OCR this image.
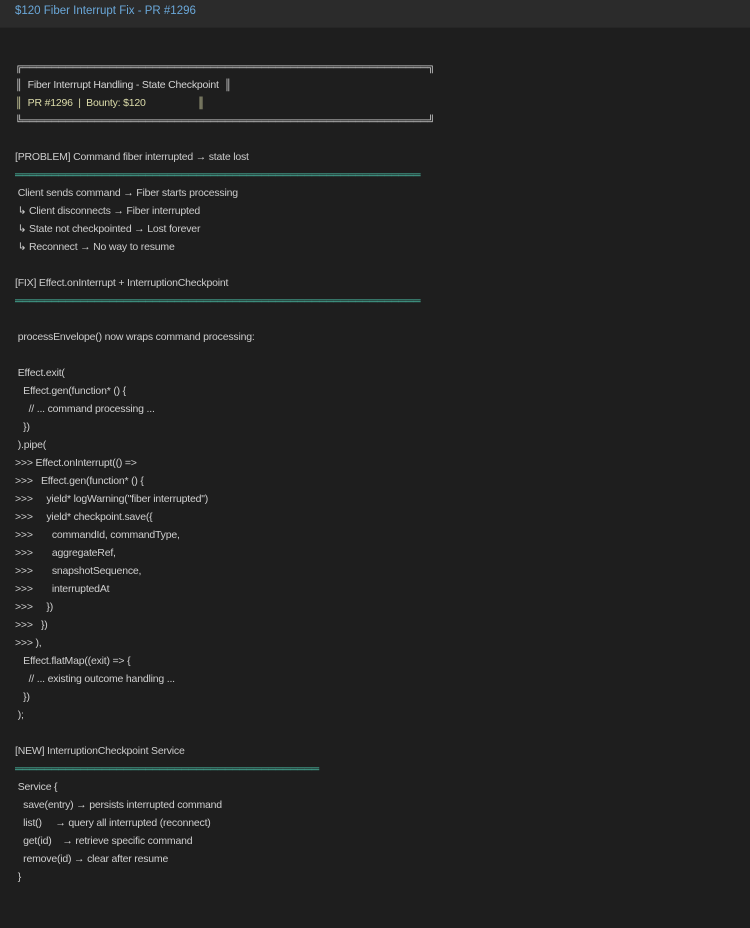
$120 Fiber Interrupt Fix - PR #1296
╔════════════════════════════════════════════════════════╗
║  Fiber Interrupt Handling - State Checkpoint  ║
║  PR #1296  |  Bounty: $120                   ║
╚════════════════════════════════════════════════════════╝
[PROBLEM] Command fiber interrupted → state lost
════════════════════════════════════════════════════════
Client sends command → Fiber starts processing
↳ Client disconnects → Fiber interrupted
↳ State not checkpointed → Lost forever
↳ Reconnect → No way to resume
[FIX] Effect.onInterrupt + InterruptionCheckpoint
════════════════════════════════════════════════════════
processEnvelope() now wraps command processing:
Effect.exit(
Effect.gen(function* () {
// ... command processing ...
})
).pipe(
>>> Effect.onInterrupt(() =>
>>>   Effect.gen(function* () {
>>>     yield* logWarning("fiber interrupted")
>>>     yield* checkpoint.save({
>>>       commandId, commandType,
>>>       aggregateRef,
>>>       snapshotSequence,
>>>       interruptedAt
>>>     })
>>>   })
>>> ),
Effect.flatMap((exit) => {
// ... existing outcome handling ...
})
);
[NEW] InterruptionCheckpoint Service
══════════════════════════════════════════
Service {
save(entry) → persists interrupted command
list()     → query all interrupted (reconnect)
get(id)    → retrieve specific command
remove(id) → clear after resume
}
